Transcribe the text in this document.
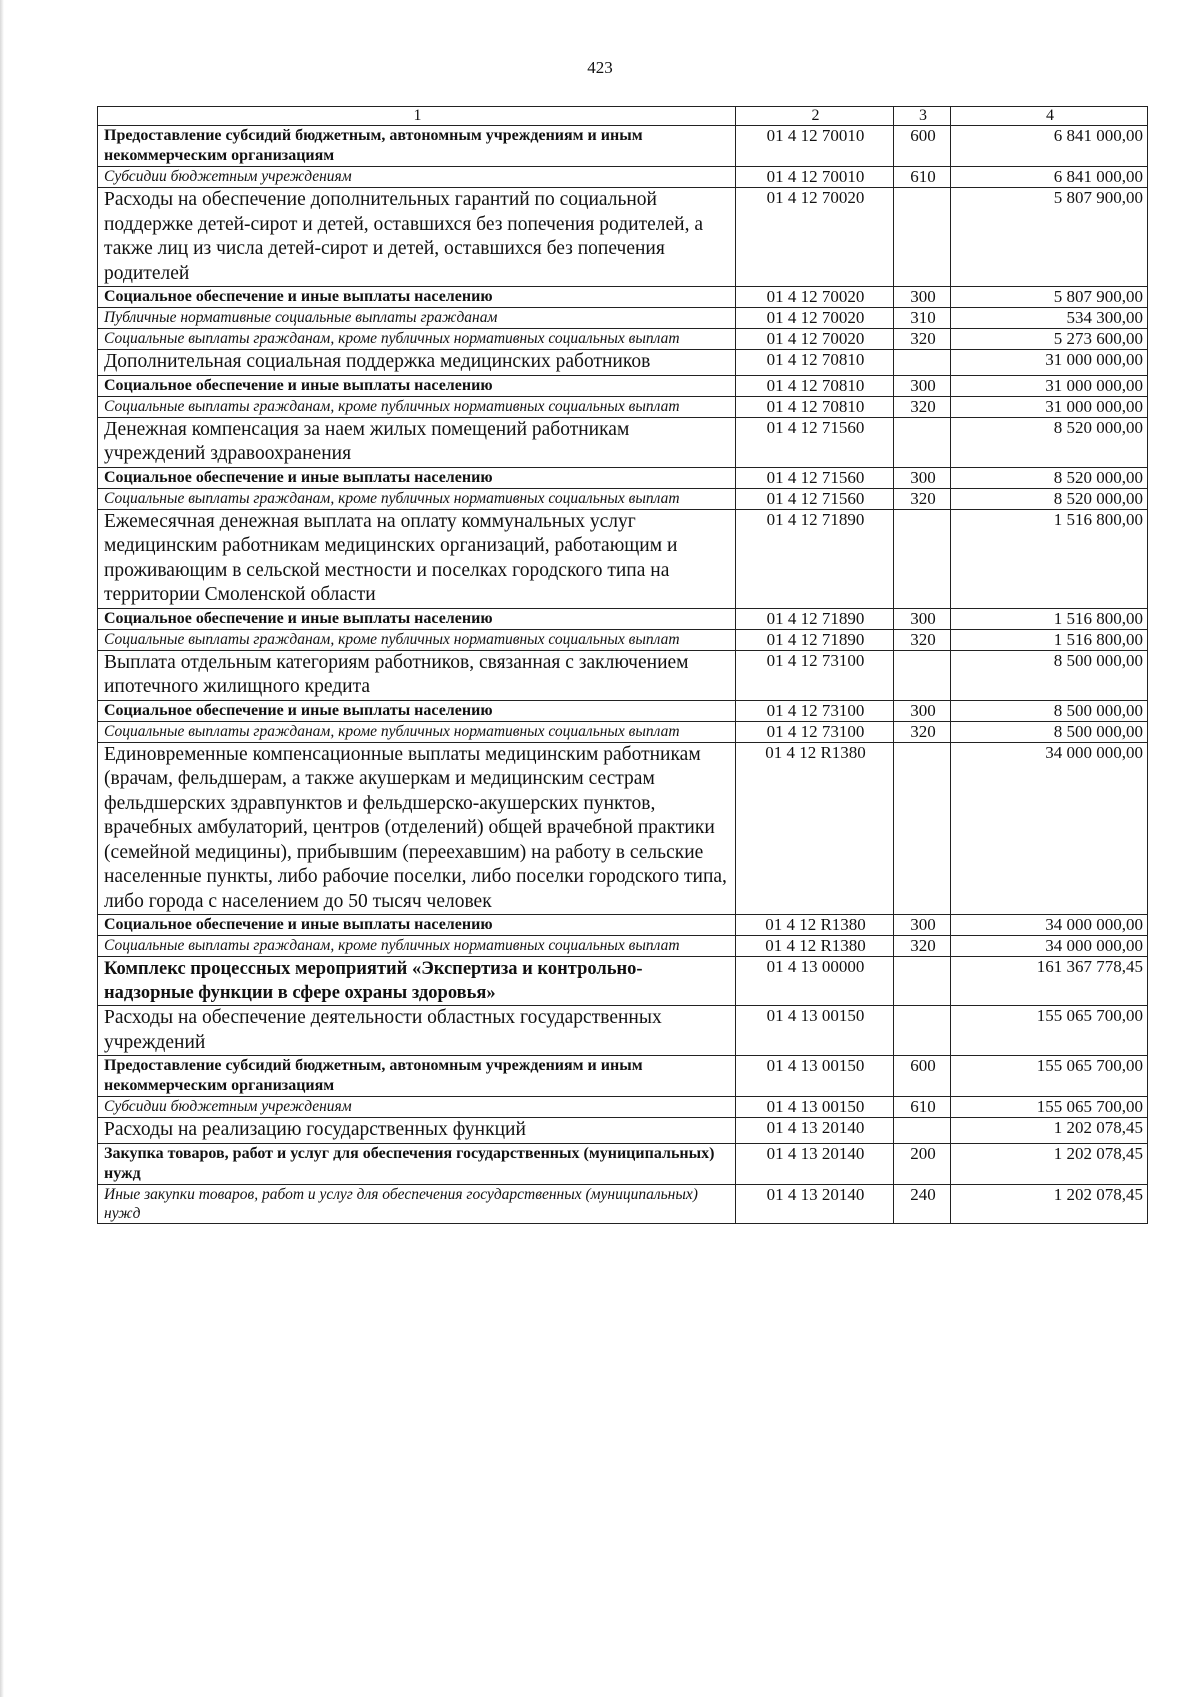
423
1	2	3	4
Предоставление субсидий бюджетным, автономным учреждениям и иным некоммерческим организациям	01 4 12 70010	600	6 841 000,00
Субсидии бюджетным учреждениям	01 4 12 70010	610	6 841 000,00
Расходы на обеспечение дополнительных гарантий по социальной поддержке детей-сирот и детей, оставшихся без попечения родителей, а также лиц из числа детей-сирот и детей, оставшихся без попечения родителей	01 4 12 70020		5 807 900,00
Социальное обеспечение и иные выплаты населению	01 4 12 70020	300	5 807 900,00
Публичные нормативные социальные выплаты гражданам	01 4 12 70020	310	534 300,00
Социальные выплаты гражданам, кроме публичных нормативных социальных выплат	01 4 12 70020	320	5 273 600,00
Дополнительная социальная поддержка медицинских работников	01 4 12 70810		31 000 000,00
Социальное обеспечение и иные выплаты населению	01 4 12 70810	300	31 000 000,00
Социальные выплаты гражданам, кроме публичных нормативных социальных выплат	01 4 12 70810	320	31 000 000,00
Денежная компенсация за наем жилых помещений работникам учреждений здравоохранения	01 4 12 71560		8 520 000,00
Социальное обеспечение и иные выплаты населению	01 4 12 71560	300	8 520 000,00
Социальные выплаты гражданам, кроме публичных нормативных социальных выплат	01 4 12 71560	320	8 520 000,00
Ежемесячная денежная выплата на оплату коммунальных услуг медицинским работникам медицинских организаций, работающим и проживающим в сельской местности и поселках городского типа на территории Смоленской области	01 4 12 71890		1 516 800,00
Социальное обеспечение и иные выплаты населению	01 4 12 71890	300	1 516 800,00
Социальные выплаты гражданам, кроме публичных нормативных социальных выплат	01 4 12 71890	320	1 516 800,00
Выплата отдельным категориям работников, связанная с заключением ипотечного жилищного кредита	01 4 12 73100		8 500 000,00
Социальное обеспечение и иные выплаты населению	01 4 12 73100	300	8 500 000,00
Социальные выплаты гражданам, кроме публичных нормативных социальных выплат	01 4 12 73100	320	8 500 000,00
Единовременные компенсационные выплаты медицинским работникам (врачам, фельдшерам, а также акушеркам и медицинским сестрам фельдшерских здравпунктов и фельдшерско-акушерских пунктов, врачебных амбулаторий, центров (отделений) общей врачебной практики (семейной медицины), прибывшим (переехавшим) на работу в сельские населенные пункты, либо рабочие поселки, либо поселки городского типа, либо города с населением до 50 тысяч человек	01 4 12 R1380		34 000 000,00
Социальное обеспечение и иные выплаты населению	01 4 12 R1380	300	34 000 000,00
Социальные выплаты гражданам, кроме публичных нормативных социальных выплат	01 4 12 R1380	320	34 000 000,00
Комплекс процессных мероприятий «Экспертиза и контрольно-надзорные функции в сфере охраны здоровья»	01 4 13 00000		161 367 778,45
Расходы на обеспечение деятельности областных государственных учреждений	01 4 13 00150		155 065 700,00
Предоставление субсидий бюджетным, автономным учреждениям и иным некоммерческим организациям	01 4 13 00150	600	155 065 700,00
Субсидии бюджетным учреждениям	01 4 13 00150	610	155 065 700,00
Расходы на реализацию государственных функций	01 4 13 20140		1 202 078,45
Закупка товаров, работ и услуг для обеспечения государственных (муниципальных) нужд	01 4 13 20140	200	1 202 078,45
Иные закупки товаров, работ и услуг для обеспечения государственных (муниципальных) нужд	01 4 13 20140	240	1 202 078,45
